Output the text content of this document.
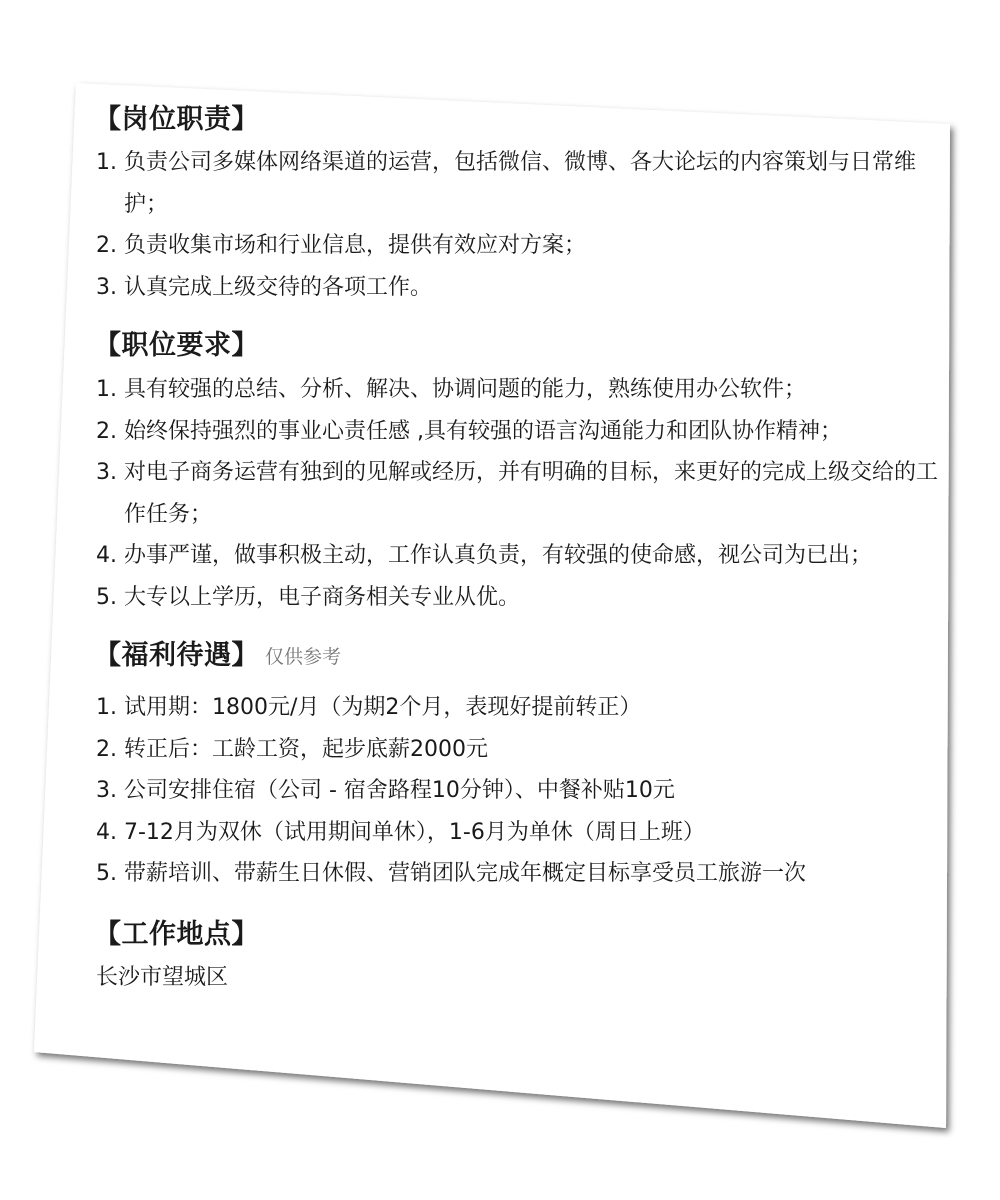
【岗位职责】
1. 负责公司多媒体网络渠道的运营，包括微信、微博、各大论坛的内容策划与日常维护；
2. 负责收集市场和行业信息，提供有效应对方案；
3. 认真完成上级交待的各项工作。
【职位要求】
1. 具有较强的总结、分析、解决、协调问题的能力，熟练使用办公软件；
2. 始终保持强烈的事业心责任感 ,具有较强的语言沟通能力和团队协作精神；
3. 对电子商务运营有独到的见解或经历，并有明确的目标，来更好的完成上级交给的工作任务；
4. 办事严谨，做事积极主动，工作认真负责，有较强的使命感，视公司为已出；
5. 大专以上学历，电子商务相关专业从优。
【福利待遇】 仅供参考
1. 试用期：1800元/月（为期2个月，表现好提前转正）
2. 转正后：工龄工资，起步底薪2000元
3. 公司安排住宿（公司 - 宿舍路程10分钟）、中餐补贴10元
4. 7-12月为双休（试用期间单休），1-6月为单休（周日上班）
5. 带薪培训、带薪生日休假、营销团队完成年概定目标享受员工旅游一次
【工作地点】

长沙市望城区
